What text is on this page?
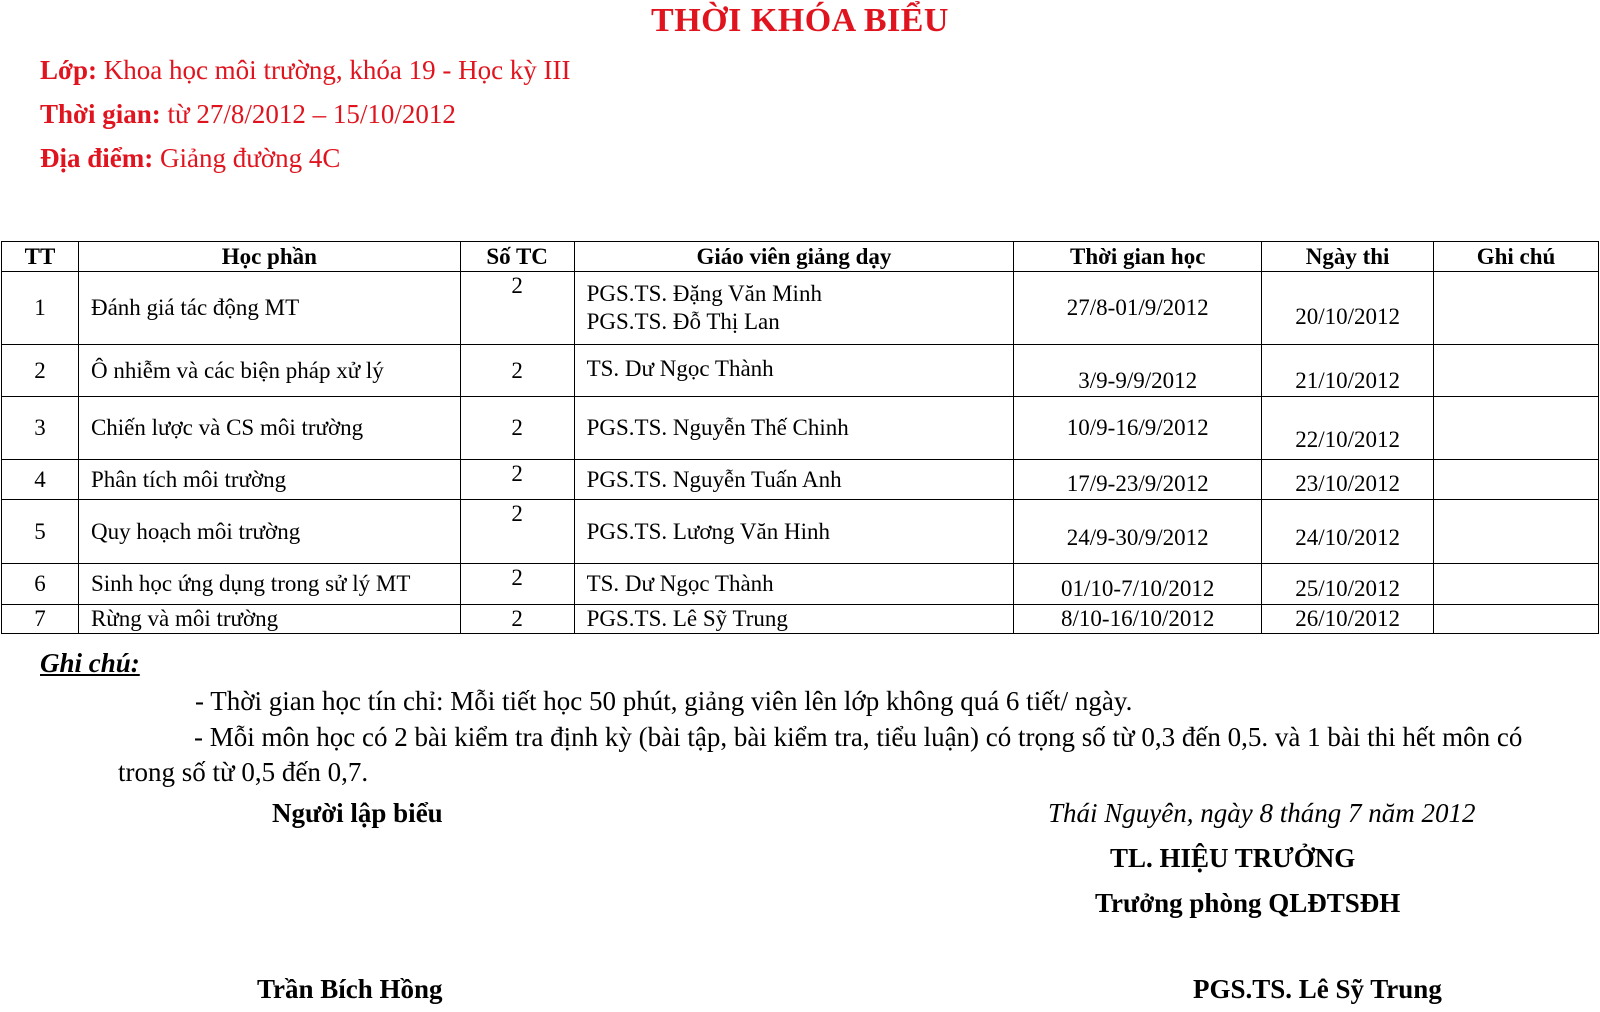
THỜI KHÓA BIỂU
Lớp: Khoa học môi trường, khóa 19 - Học kỳ III
Thời gian: từ 27/8/2012 – 15/10/2012
Địa điểm: Giảng đường 4C
TT	Học phần	Số TC	Giáo viên giảng dạy	Thời gian học	Ngày thi	Ghi chú
1	Đánh giá tác động MT	2	PGS.TS. Đặng Văn Minh
PGS.TS. Đỗ Thị Lan	27/8-01/9/2012	20/10/2012	
2	Ô nhiễm và các biện pháp xử lý	2	TS. Dư Ngọc Thành	3/9-9/9/2012	21/10/2012	
3	Chiến lược và CS môi trường	2	PGS.TS. Nguyễn Thế Chinh	10/9-16/9/2012	22/10/2012	
4	Phân tích môi trường	2	PGS.TS. Nguyễn Tuấn Anh	17/9-23/9/2012	23/10/2012	
5	Quy hoạch môi trường	2	PGS.TS. Lương Văn Hinh	24/9-30/9/2012	24/10/2012	
6	Sinh học ứng dụng trong sử lý MT	2	TS. Dư Ngọc Thành	01/10-7/10/2012	25/10/2012	
7	Rừng và môi trường	2	PGS.TS. Lê Sỹ Trung	8/10-16/10/2012	26/10/2012	
Ghi chú:
- Thời gian học tín chỉ: Mỗi tiết học 50 phút, giảng viên lên lớp không quá 6 tiết/ ngày.
- Mỗi môn học có 2 bài kiểm tra định kỳ (bài tập, bài kiểm tra, tiểu luận) có trọng số từ 0,3 đến 0,5. và 1 bài thi hết môn có trong số từ 0,5 đến 0,7.
Người lập biểu	Thái Nguyên, ngày 8 tháng 7 năm 2012
TL. HIỆU TRƯỞNG
Trưởng phòng QLĐTSĐH
Trần Bích Hồng	PGS.TS. Lê Sỹ Trung
